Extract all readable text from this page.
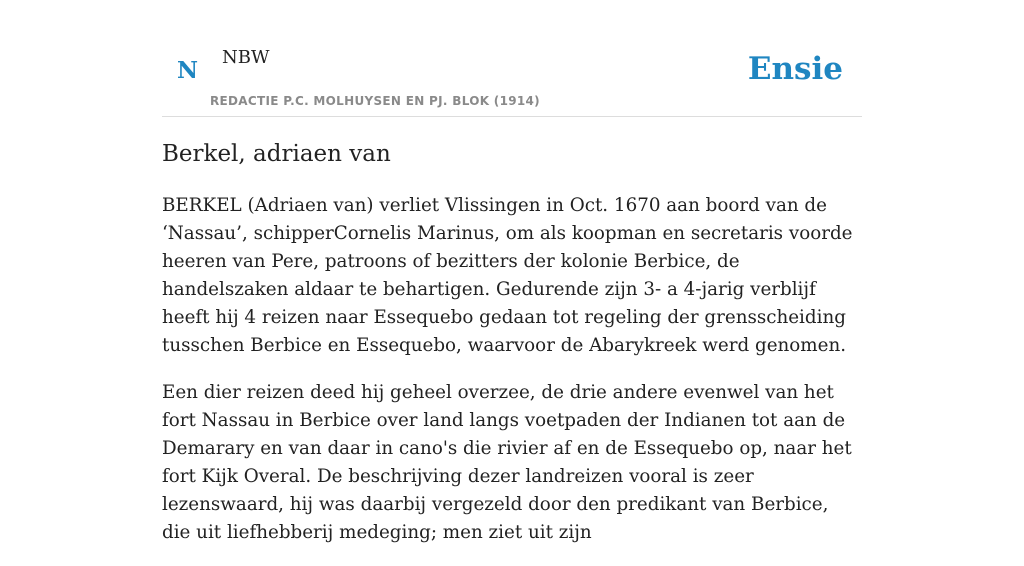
N NBW
REDACTIE P.C. MOLHUYSEN EN PJ. BLOK (1914)
Ensie
Berkel, adriaen van

BERKEL (Adriaen van) verliet Vlissingen in Oct. 1670 aan boord van de ‘Nassau’, schipperCornelis Marinus, om als koopman en secretaris voorde heeren van Pere, patroons of bezitters der kolonie Berbice, de handelszaken aldaar te behartigen. Gedurende zijn 3- a 4-jarig verblijf heeft hij 4 reizen naar Essequebo gedaan tot regeling der grensscheiding tusschen Berbice en Essequebo, waarvoor de Abarykreek werd genomen.

Een dier reizen deed hij geheel overzee, de drie andere evenwel van het fort Nassau in Berbice over land langs voetpaden der Indianen tot aan de Demarary en van daar in cano's die rivier af en de Essequebo op, naar het fort Kijk Overal. De beschrijving dezer landreizen vooral is zeer lezenswaard, hij was daarbij vergezeld door den predikant van Berbice, die uit liefhebberij medeging; men ziet uit zijn
